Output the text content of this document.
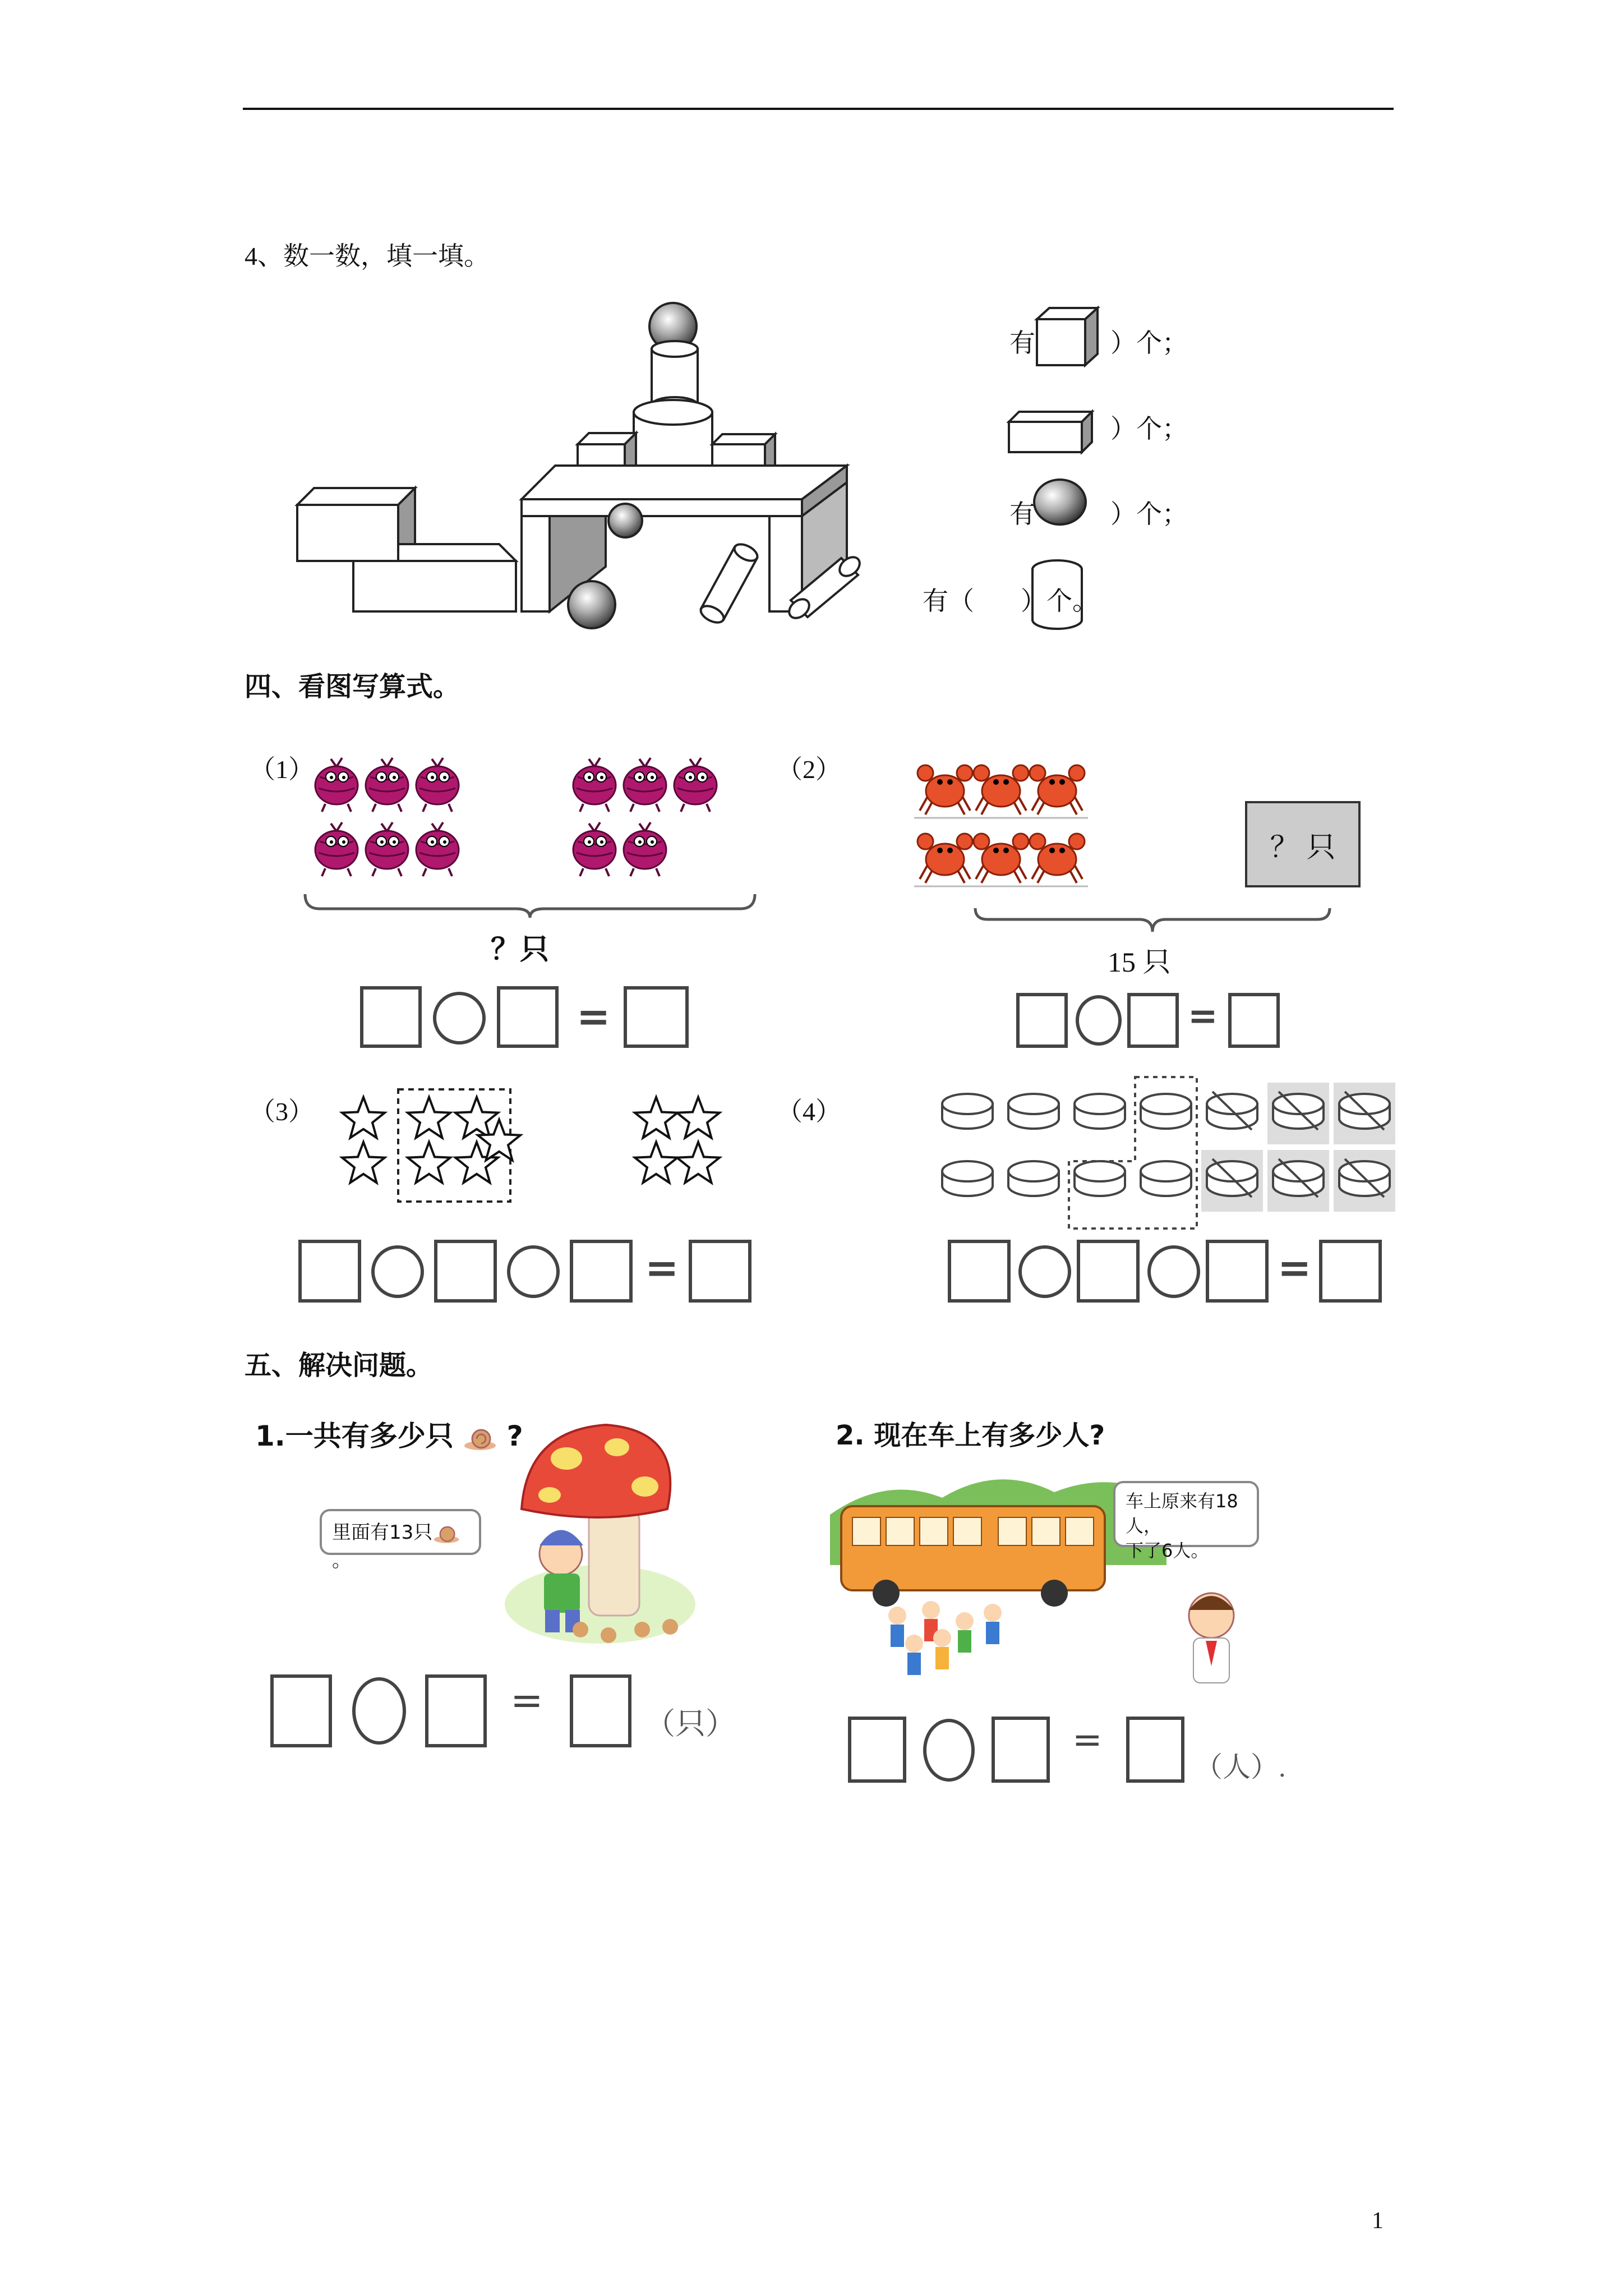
4、数一数，填一填。
有	）个；
）个；
有	）个；
有（ ）个。
四、看图写算式。
（1）
？只
=
（2）
？ 只
15 只
=
（3）
=
（4）
=
五、解决问题。
1.一共有多少只 ?
里面有13只。
=
（只）
2. 现在车上有多少人?
车上原来有18人，
下了6人。
=
（人）.
1
